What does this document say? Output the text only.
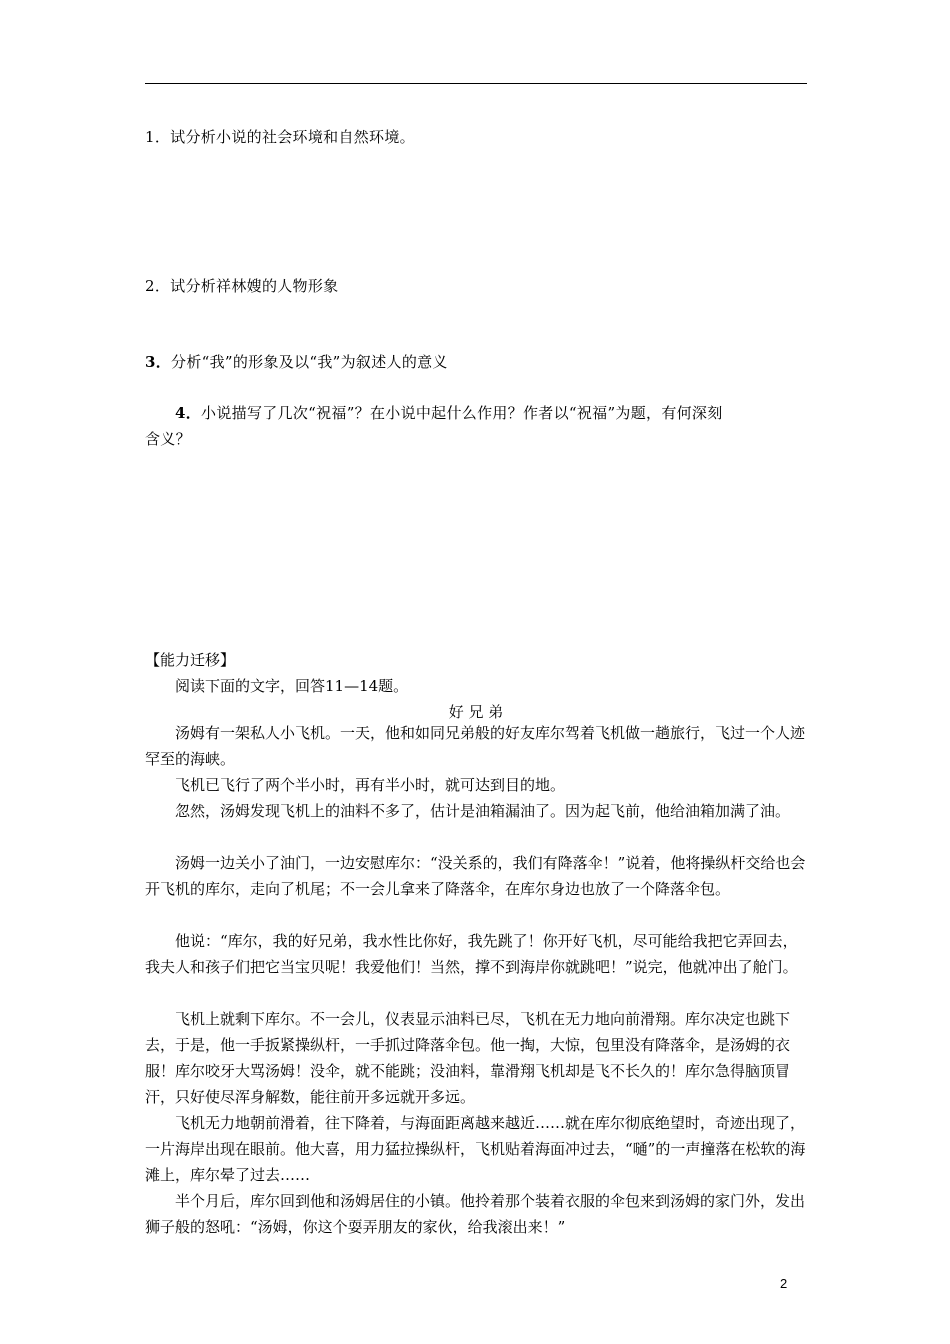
1．试分析小说的社会环境和自然环境。
2．试分析祥林嫂的人物形象
3．分析“我”的形象及以“我”为叙述人的意义
4．小说描写了几次“祝福”？在小说中起什么作用？作者以“祝福”为题，有何深刻
含义？
【能力迁移】
阅读下面的文字，回答11—14题。
好 兄 弟
汤姆有一架私人小飞机。一天，他和如同兄弟般的好友库尔驾着飞机做一趟旅行，飞过一个人迹罕至的海峡。
飞机已飞行了两个半小时，再有半小时，就可达到目的地。
忽然，汤姆发现飞机上的油料不多了，估计是油箱漏油了。因为起飞前，他给油箱加满了油。
汤姆一边关小了油门，一边安慰库尔：“没关系的，我们有降落伞！”说着，他将操纵杆交给也会开飞机的库尔，走向了机尾；不一会儿拿来了降落伞，在库尔身边也放了一个降落伞包。
他说：“库尔，我的好兄弟，我水性比你好，我先跳了！你开好飞机，尽可能给我把它弄回去，我夫人和孩子们把它当宝贝呢！我爱他们！当然，撑不到海岸你就跳吧！”说完，他就冲出了舱门。
飞机上就剩下库尔。不一会儿，仪表显示油料已尽，飞机在无力地向前滑翔。库尔决定也跳下去，于是，他一手扳紧操纵杆，一手抓过降落伞包。他一掏，大惊，包里没有降落伞，是汤姆的衣服！库尔咬牙大骂汤姆！没伞，就不能跳；没油料，靠滑翔飞机却是飞不长久的！库尔急得脑顶冒汗，只好使尽浑身解数，能往前开多远就开多远。
飞机无力地朝前滑着，往下降着，与海面距离越来越近……就在库尔彻底绝望时，奇迹出现了，一片海岸出现在眼前。他大喜，用力猛拉操纵杆，飞机贴着海面冲过去，“嗵”的一声撞落在松软的海滩上，库尔晕了过去……
半个月后，库尔回到他和汤姆居住的小镇。他拎着那个装着衣服的伞包来到汤姆的家门外，发出狮子般的怒吼：“汤姆，你这个耍弄朋友的家伙，给我滚出来！”
2
